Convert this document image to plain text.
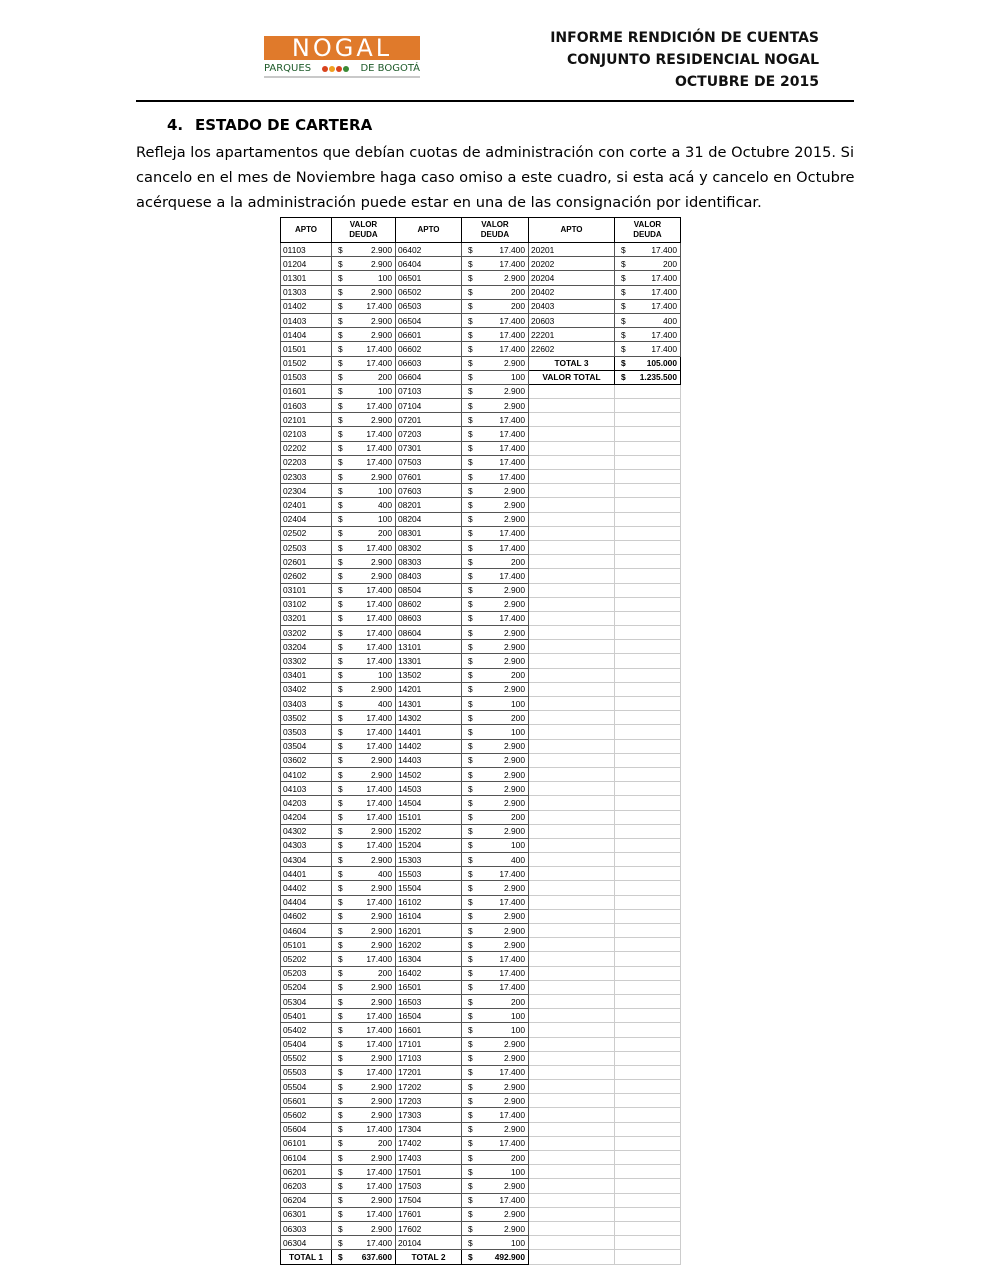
NOGAL
PARQUES	DE BOGOTÁ
INFORME RENDICIÓN DE CUENTAS
CONJUNTO RESIDENCIAL NOGAL
OCTUBRE DE 2015
4. ESTADO DE CARTERA
Refleja los apartamentos que debían cuotas de administración con corte a 31 de Octubre 2015. Si
cancelo en el mes de Noviembre haga caso omiso a este cuadro, si esta acá y cancelo en Octubre
acérquese a la administración puede estar en una de las consignación por identificar.
APTO	VALOR
DEUDA	APTO	VALOR
DEUDA	APTO	VALOR
DEUDA
01103	$ 2.900	06402	$ 17.400	20201	$ 17.400

01204	$ 2.900	06404	$ 17.400	20202	$ 200

01301	$ 100	06501	$ 2.900	20204	$ 17.400

01303	$ 2.900	06502	$ 200	20402	$ 17.400

01402	$ 17.400	06503	$ 200	20403	$ 17.400

01403	$ 2.900	06504	$ 17.400	20603	$ 400

01404	$ 2.900	06601	$ 17.400	22201	$ 17.400

01501	$ 17.400	06602	$ 17.400	22602	$ 17.400

01502	$ 17.400	06603	$ 2.900	TOTAL 3	$ 105.000

01503	$ 200	06604	$ 100	VALOR TOTAL	$ 1.235.500

01601	$ 100	07103	$ 2.900		

01603	$ 17.400	07104	$ 2.900		

02101	$ 2.900	07201	$ 17.400		

02103	$ 17.400	07203	$ 17.400		

02202	$ 17.400	07301	$ 17.400		

02203	$ 17.400	07503	$ 17.400		

02303	$ 2.900	07601	$ 17.400		

02304	$ 100	07603	$ 2.900		

02401	$ 400	08201	$ 2.900		

02404	$ 100	08204	$ 2.900		

02502	$ 200	08301	$ 17.400		

02503	$ 17.400	08302	$ 17.400		

02601	$ 2.900	08303	$ 200		

02602	$ 2.900	08403	$ 17.400		

03101	$ 17.400	08504	$ 2.900		

03102	$ 17.400	08602	$ 2.900		

03201	$ 17.400	08603	$ 17.400		

03202	$ 17.400	08604	$ 2.900		

03204	$ 17.400	13101	$ 2.900		

03302	$ 17.400	13301	$ 2.900		

03401	$ 100	13502	$ 200		

03402	$ 2.900	14201	$ 2.900		

03403	$ 400	14301	$ 100		

03502	$ 17.400	14302	$ 200		

03503	$ 17.400	14401	$ 100		

03504	$ 17.400	14402	$ 2.900		

03602	$ 2.900	14403	$ 2.900		

04102	$ 2.900	14502	$ 2.900		

04103	$ 17.400	14503	$ 2.900		

04203	$ 17.400	14504	$ 2.900		

04204	$ 17.400	15101	$ 200		

04302	$ 2.900	15202	$ 2.900		

04303	$ 17.400	15204	$ 100		

04304	$ 2.900	15303	$ 400		

04401	$ 400	15503	$ 17.400		

04402	$ 2.900	15504	$ 2.900		

04404	$ 17.400	16102	$ 17.400		

04602	$ 2.900	16104	$ 2.900		

04604	$ 2.900	16201	$ 2.900		

05101	$ 2.900	16202	$ 2.900		

05202	$ 17.400	16304	$ 17.400		

05203	$ 200	16402	$ 17.400		

05204	$ 2.900	16501	$ 17.400		

05304	$ 2.900	16503	$ 200		

05401	$ 17.400	16504	$ 100		

05402	$ 17.400	16601	$ 100		

05404	$ 17.400	17101	$ 2.900		

05502	$ 2.900	17103	$ 2.900		

05503	$ 17.400	17201	$ 17.400		

05504	$ 2.900	17202	$ 2.900		

05601	$ 2.900	17203	$ 2.900		

05602	$ 2.900	17303	$ 17.400		

05604	$ 17.400	17304	$ 2.900		

06101	$ 200	17402	$ 17.400		

06104	$ 2.900	17403	$ 200		

06201	$ 17.400	17501	$ 100		

06203	$ 17.400	17503	$ 2.900		

06204	$ 2.900	17504	$ 17.400		

06301	$ 17.400	17601	$ 2.900		

06303	$ 2.900	17602	$ 2.900		

06304	$ 17.400	20104	$ 100		

TOTAL 1	$ 637.600	TOTAL 2	$ 492.900		
